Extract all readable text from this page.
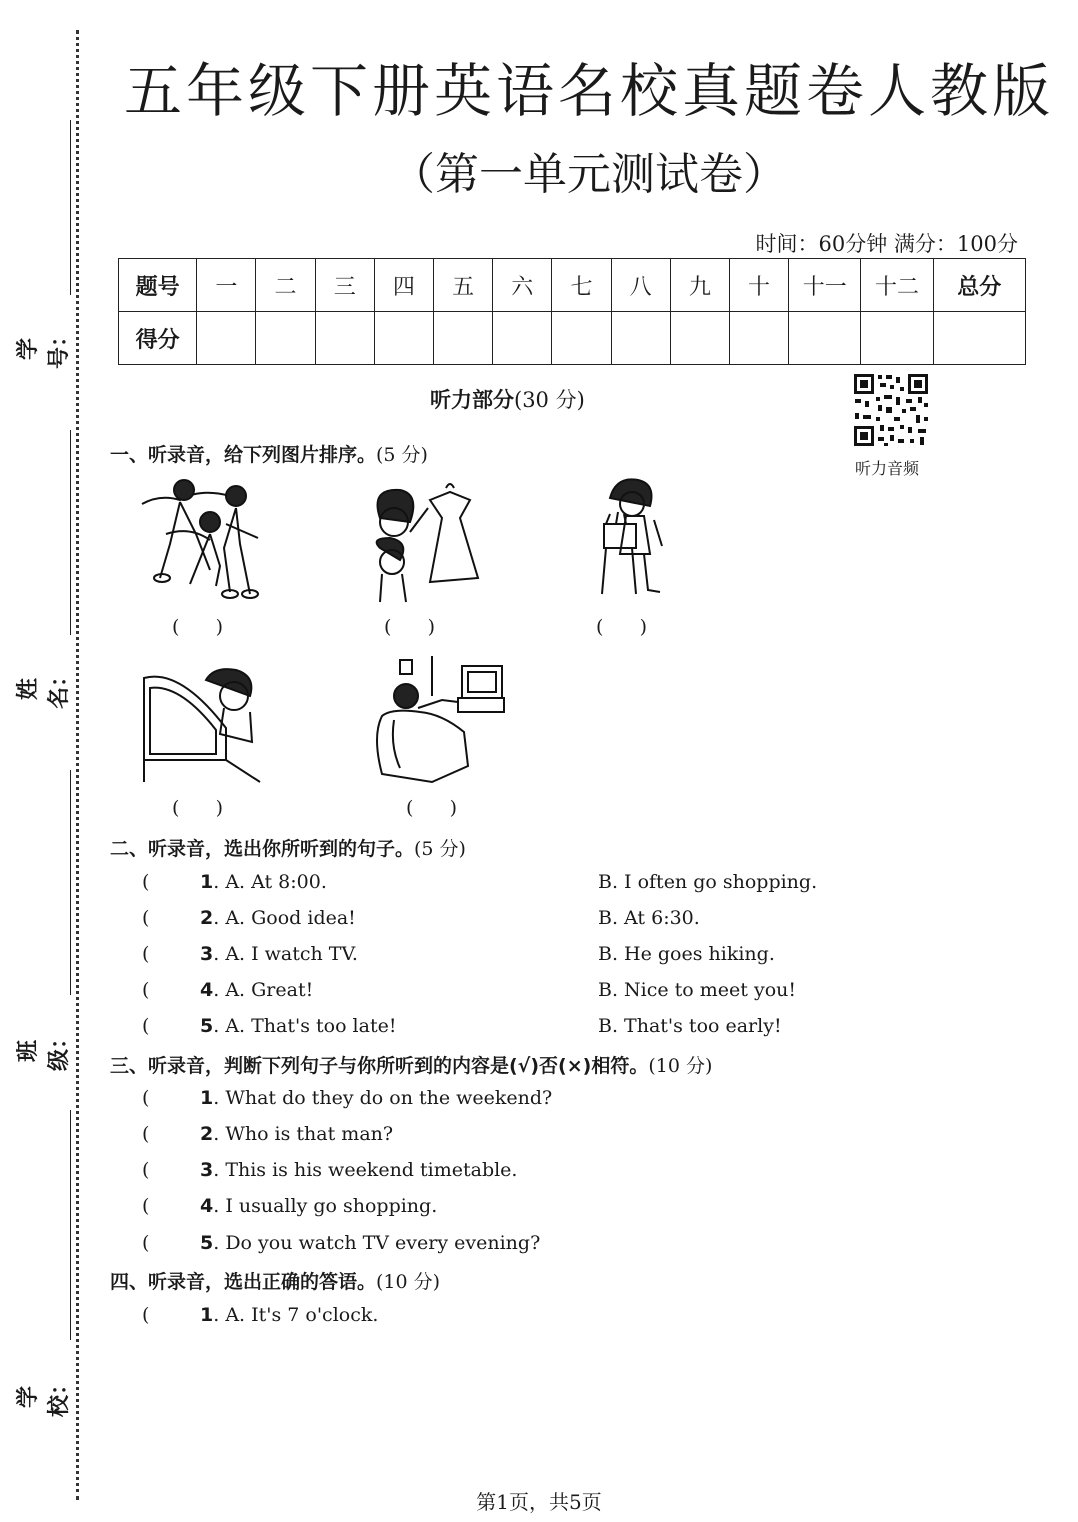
学号：
姓名：
班级：
学校：
五年级下册英语名校真题卷人教版
（第一单元测试卷）
时间：60分钟 满分：100分
题号	一	二	三	四	五	六	七	八	九	十	十一	十二	总分
得分													
听力部分(30 分)
听力音频
一、听录音，给下列图片排序。(5 分)
(      )	(      )	(      )
(      )	(      )
二、听录音，选出你所听到的句子。(5 分)
(	1. A. At 8:00.	B. I often go shopping.
(	2. A. Good idea!	B. At 6:30.
(	3. A. I watch TV.	B. He goes hiking.
(	4. A. Great!	B. Nice to meet you!
(	5. A. That's too late!	B. That's too early!
三、听录音，判断下列句子与你所听到的内容是(√)否(×)相符。(10 分)
(	1. What do they do on the weekend?
(	2. Who is that man?
(	3. This is his weekend timetable.
(	4. I usually go shopping.
(	5. Do you watch TV every evening?
四、听录音，选出正确的答语。(10 分)
(	1. A. It's 7 o'clock.
第1页，共5页
